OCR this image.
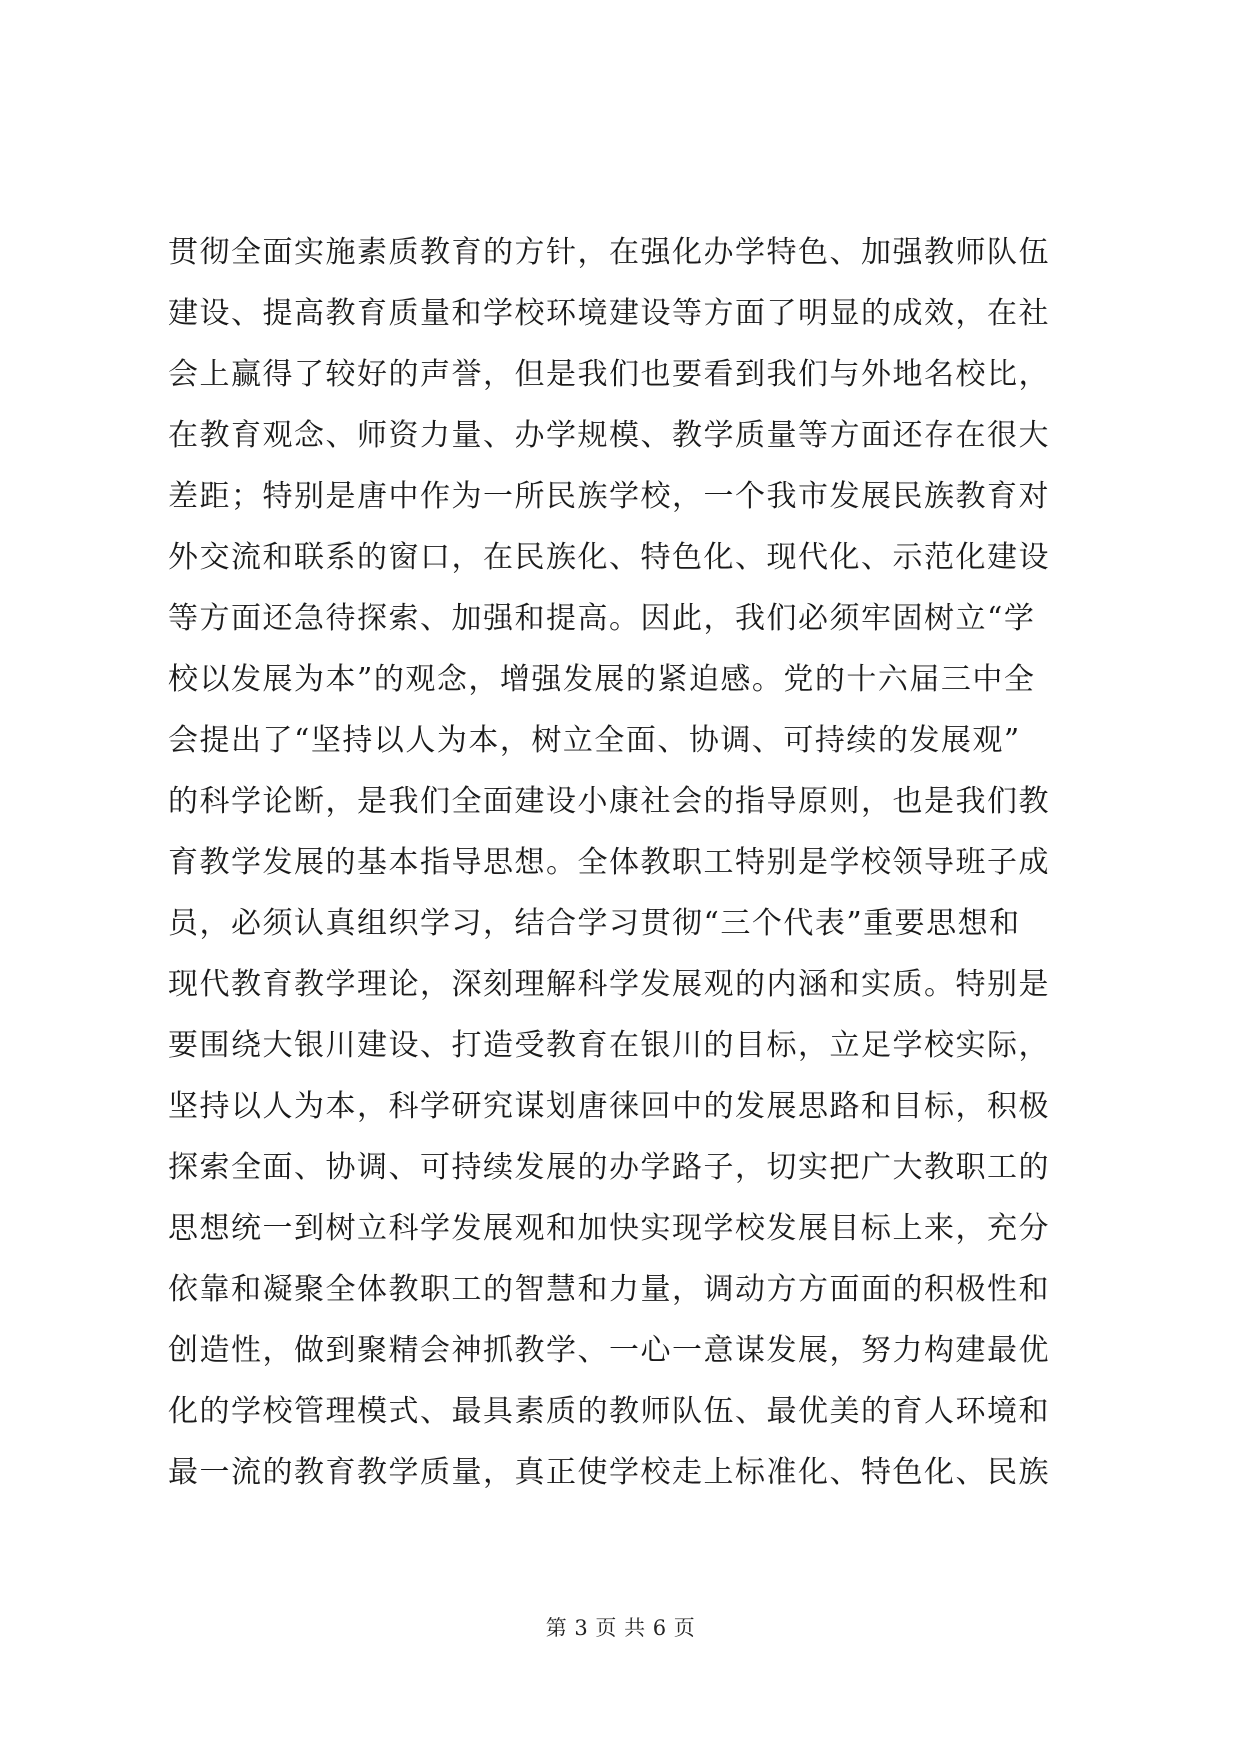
贯彻全面实施素质教育的方针，在强化办学特色、加强教师队伍
建设、提高教育质量和学校环境建设等方面了明显的成效，在社
会上赢得了较好的声誉，但是我们也要看到我们与外地名校比，
在教育观念、师资力量、办学规模、教学质量等方面还存在很大
差距；特别是唐中作为一所民族学校，一个我市发展民族教育对
外交流和联系的窗口，在民族化、特色化、现代化、示范化建设
等方面还急待探索、加强和提高。因此，我们必须牢固树立“学
校以发展为本”的观念，增强发展的紧迫感。党的十六届三中全
会提出了“坚持以人为本，树立全面、协调、可持续的发展观”
的科学论断，是我们全面建设小康社会的指导原则，也是我们教
育教学发展的基本指导思想。全体教职工特别是学校领导班子成
员，必须认真组织学习，结合学习贯彻“三个代表”重要思想和
现代教育教学理论，深刻理解科学发展观的内涵和实质。特别是
要围绕大银川建设、打造受教育在银川的目标，立足学校实际，
坚持以人为本，科学研究谋划唐徕回中的发展思路和目标，积极
探索全面、协调、可持续发展的办学路子，切实把广大教职工的
思想统一到树立科学发展观和加快实现学校发展目标上来，充分
依靠和凝聚全体教职工的智慧和力量，调动方方面面的积极性和
创造性，做到聚精会神抓教学、一心一意谋发展，努力构建最优
化的学校管理模式、最具素质的教师队伍、最优美的育人环境和
最一流的教育教学质量，真正使学校走上标准化、特色化、民族
第 3 页 共 6 页
